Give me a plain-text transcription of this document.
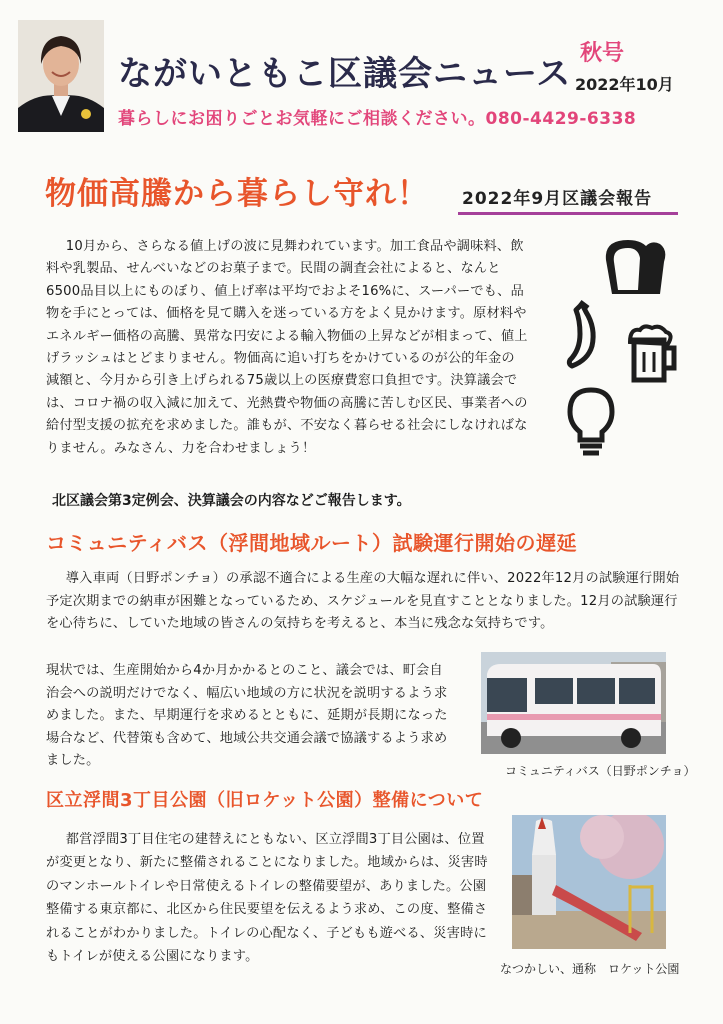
ながいともこ区議会ニュース
秋号
2022年10月
暮らしにお困りごとお気軽にご相談ください。080-4429-6338
物価高騰から暮らし守れ！ 2022年9月区議会報告

10月から、さらなる値上げの波に見舞われています。加工食品や調味料、飲料や乳製品、せんべいなどのお菓子まで。民間の調査会社によると、なんと6500品目以上にものぼり、値上げ率は平均でおよそ16%に、スーパーでも、品物を手にとっては、価格を見て購入を迷っている方をよく見かけます。原材料やエネルギー価格の高騰、異常な円安による輸入物価の上昇などが相まって、値上げラッシュはとどまりません。物価高に追い打ちをかけているのが公的年金の減額と、今月から引き上げられる75歳以上の医療費窓口負担です。決算議会では、コロナ禍の収入減に加えて、光熱費や物価の高騰に苦しむ区民、事業者への給付型支援の拡充を求めました。誰もが、不安なく暮らせる社会にしなければなりません。みなさん、力を合わせましょう！

北区議会第3定例会、決算議会の内容などご報告します。
コミュニティバス（浮間地域ルート）試験運行開始の遅延

導入車両（日野ポンチョ）の承認不適合による生産の大幅な遅れに伴い、2022年12月の試験運行開始予定次期までの納車が困難となっているため、スケジュールを見直すこととなりました。12月の試験運行を心待ちに、していた地域の皆さんの気持ちを考えると、本当に残念な気持ちです。

現状では、生産開始から4か月かかるとのこと、議会では、町会自治会への説明だけでなく、幅広い地域の方に状況を説明するよう求めました。また、早期運行を求めるとともに、延期が長期になった場合など、代替策も含めて、地域公共交通会議で協議するよう求めました。

コミュニティバス（日野ポンチョ）
区立浮間3丁目公園（旧ロケット公園）整備について

都営浮間3丁目住宅の建替えにともない、区立浮間3丁目公園は、位置が変更となり、新たに整備されることになりました。地域からは、災害時のマンホールトイレや日常使えるトイレの整備要望が、ありました。公園整備する東京都に、北区から住民要望を伝えるよう求め、この度、整備されることがわかりました。トイレの心配なく、子どもも遊べる、災害時にもトイレが使える公園になります。

なつかしい、通称　ロケット公園
